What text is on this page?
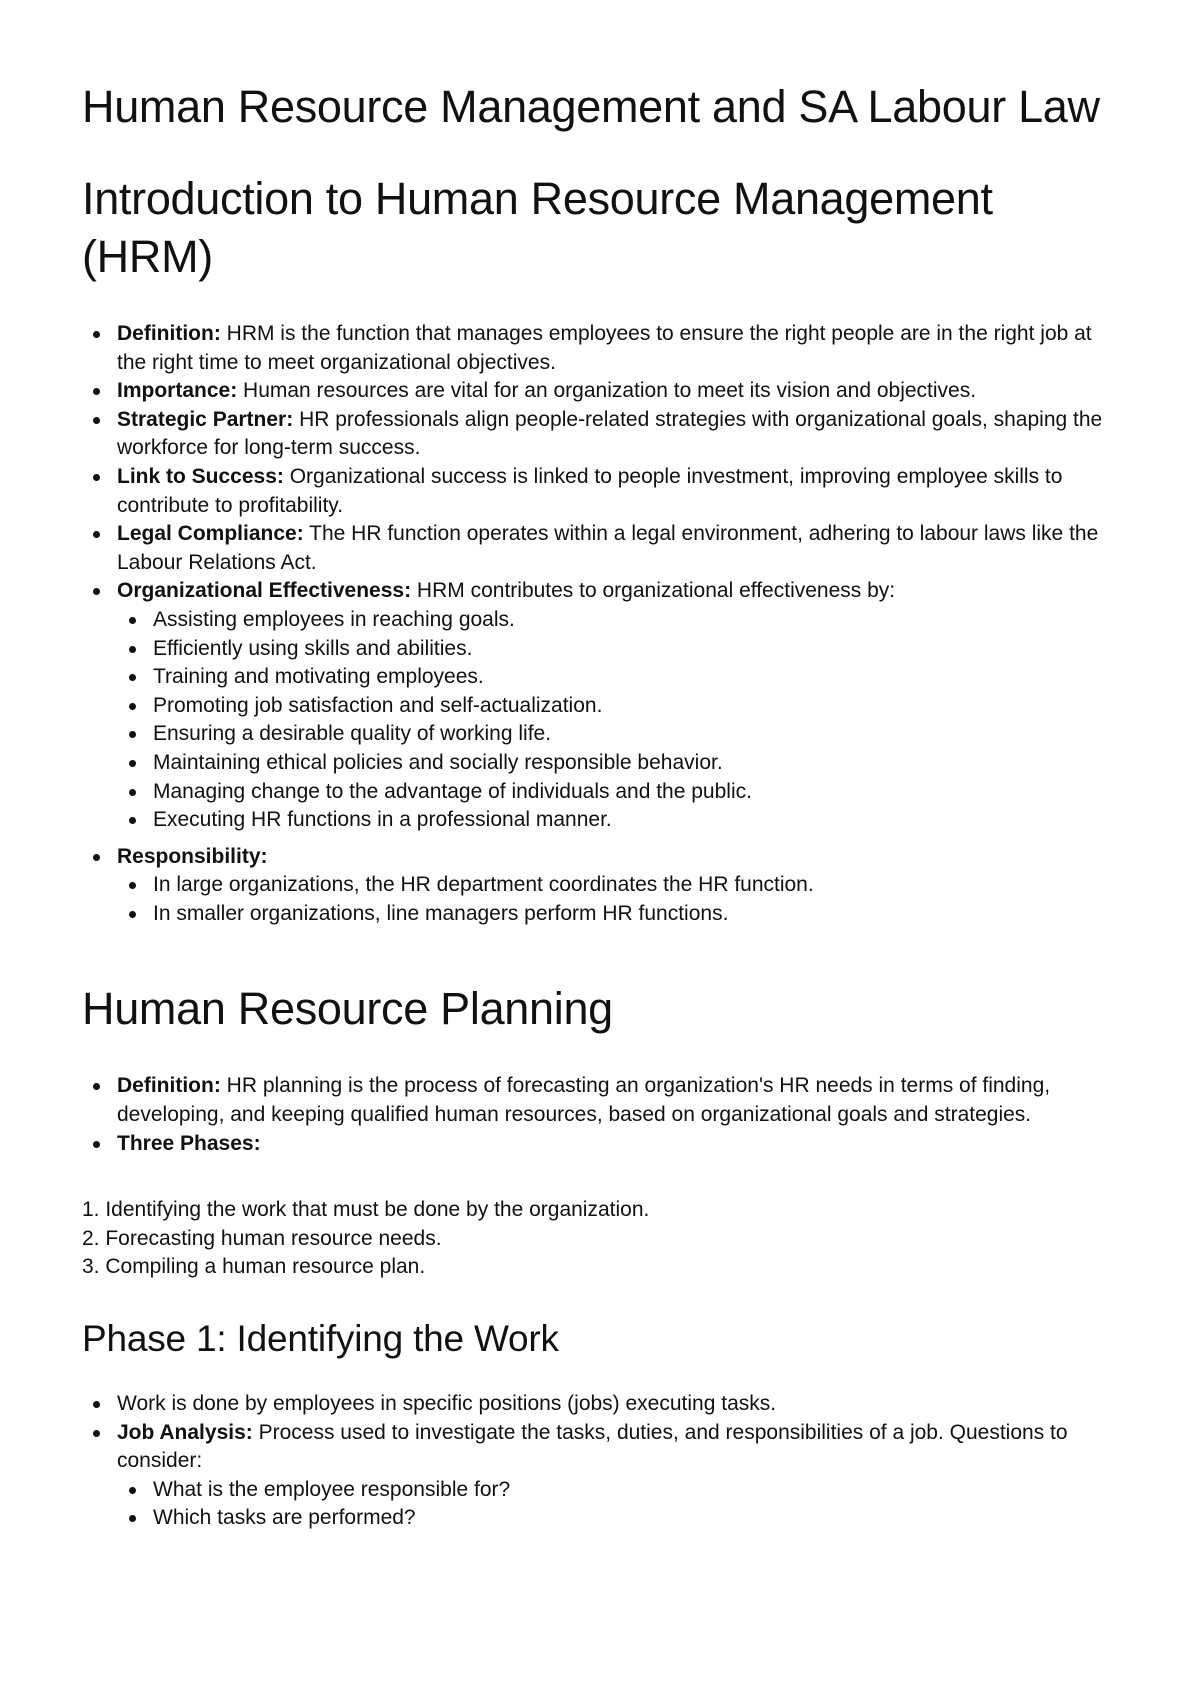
Human Resource Management and SA Labour Law
Introduction to Human Resource Management (HRM)
Definition: HRM is the function that manages employees to ensure the right people are in the right job at the right time to meet organizational objectives.
Importance: Human resources are vital for an organization to meet its vision and objectives.
Strategic Partner: HR professionals align people-related strategies with organizational goals, shaping the workforce for long-term success.
Link to Success: Organizational success is linked to people investment, improving employee skills to contribute to profitability.
Legal Compliance: The HR function operates within a legal environment, adhering to labour laws like the Labour Relations Act.
Organizational Effectiveness: HRM contributes to organizational effectiveness by:
Assisting employees in reaching goals.
Efficiently using skills and abilities.
Training and motivating employees.
Promoting job satisfaction and self-actualization.
Ensuring a desirable quality of working life.
Maintaining ethical policies and socially responsible behavior.
Managing change to the advantage of individuals and the public.
Executing HR functions in a professional manner.
Responsibility:
In large organizations, the HR department coordinates the HR function.
In smaller organizations, line managers perform HR functions.
Human Resource Planning
Definition: HR planning is the process of forecasting an organization's HR needs in terms of finding, developing, and keeping qualified human resources, based on organizational goals and strategies.
Three Phases:
1. Identifying the work that must be done by the organization.
2. Forecasting human resource needs.
3. Compiling a human resource plan.
Phase 1: Identifying the Work
Work is done by employees in specific positions (jobs) executing tasks.
Job Analysis: Process used to investigate the tasks, duties, and responsibilities of a job. Questions to consider:
What is the employee responsible for?
Which tasks are performed?
